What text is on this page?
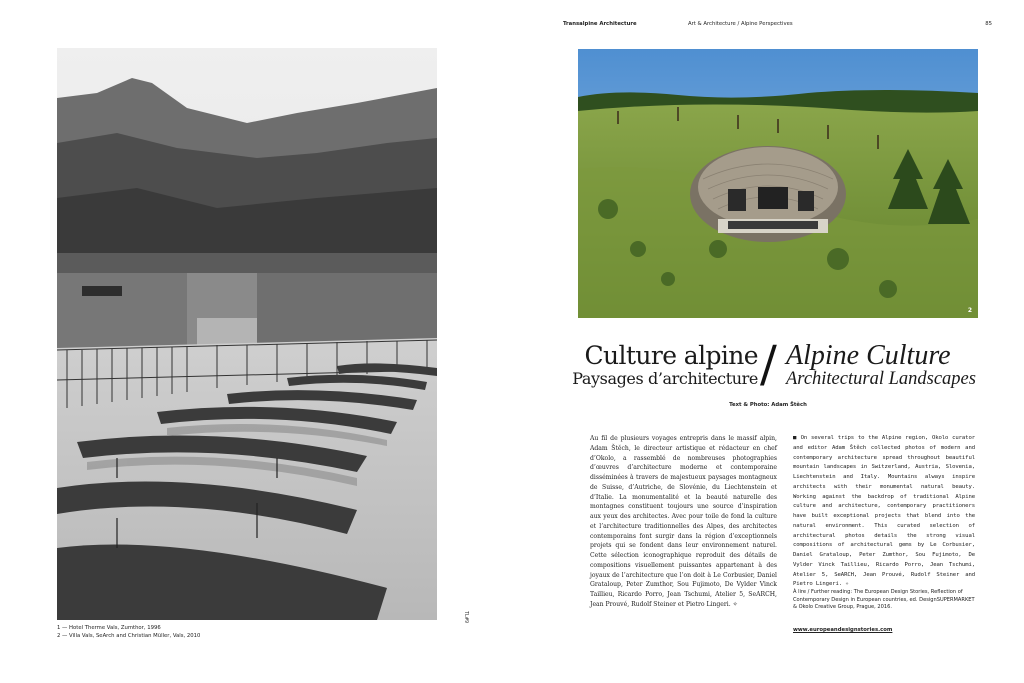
1 — Hotel Therme Vals, Zumthor, 1996
2 — Villa Vals, SeArch and Christian Müller, Vals, 2010
TL#9
Transalpine Architecture	Art & Architecture / Alpine Perspectives	85
2
Culture alpine
Paysages d’architecture / Alpine Culture
Architectural Landscapes
Text & Photo: Adam Štěch
Au fil de plusieurs voyages entrepris dans le massif alpin, Adam Štěch, le directeur artistique et rédacteur en chef d’Okolo, a rassemblé de nombreuses photographies d’œuvres d’architecture moderne et contemporaine disséminées à travers de majestueux paysages montagneux de Suisse, d’Autriche, de Slovénie, du Liechtenstein et d’Italie. La monumentalité et la beauté naturelle des montagnes constituent toujours une source d’inspiration aux yeux des architectes. Avec pour toile de fond la culture et l’architecture traditionnelles des Alpes, des architectes contemporains font surgir dans la région d’exceptionnels projets qui se fondent dans leur environnement naturel. Cette sélection iconographique reproduit des détails de compositions visuellement puissantes appartenant à des joyaux de l’architecture que l’on doit à Le Corbusier, Daniel Grataloup, Peter Zumthor, Sou Fujimoto, De Vylder Vinck Taillieu, Ricardo Porro, Jean Tschumi, Atelier 5, SeARCH, Jean Prouvé, Rudolf Steiner et Pietro Lingeri. ✧
■ On several trips to the Alpine region, Okolo curator and editor Adam Štěch collected photos of modern and contemporary architecture spread throughout beautiful mountain landscapes in Switzerland, Austria, Slovenia, Liechtenstein and Italy. Mountains always inspire architects with their monumental natural beauty. Working against the backdrop of traditional Alpine culture and architecture, contemporary practitioners have built exceptional projects that blend into the natural environment. This curated selection of architectural photos details the strong visual compositions of architectural gems by Le Corbusier, Daniel Grataloup, Peter Zumthor, Sou Fujimoto, De Vylder Vinck Taillieu, Ricardo Porro, Jean Tschumi, Atelier 5, SeARCH, Jean Prouvé, Rudolf Steiner and Pietro Lingeri. ✧
À lire / Further reading: The European Design Stories, Reflection of Contemporary Design in European countries, ed. DesignSUPERMARKET & Okolo Creative Group, Prague, 2016.
www.europeandesignstories.com
